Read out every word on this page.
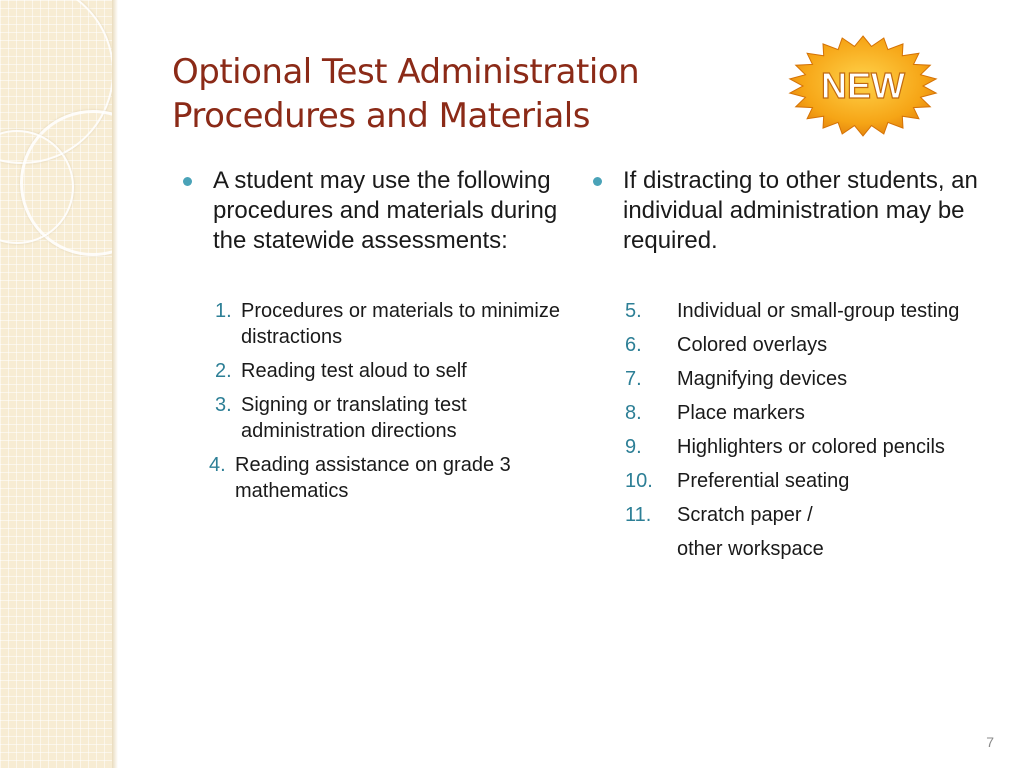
Optional Test Administration
Procedures and Materials
NEW

A student may use the following procedures and materials during the statewide assessments:

1. Procedures or materials to minimize distractions
2. Reading test aloud to self
3. Signing or translating test administration directions
4. Reading assistance on grade 3 mathematics

If distracting to other students, an individual administration may be required.

5.	Individual or small-group testing
6.	Colored overlays
7.	Magnifying devices
8.	Place markers
9.	Highlighters or colored pencils
10.	Preferential seating
11.	Scratch paper /
other workspace
7
